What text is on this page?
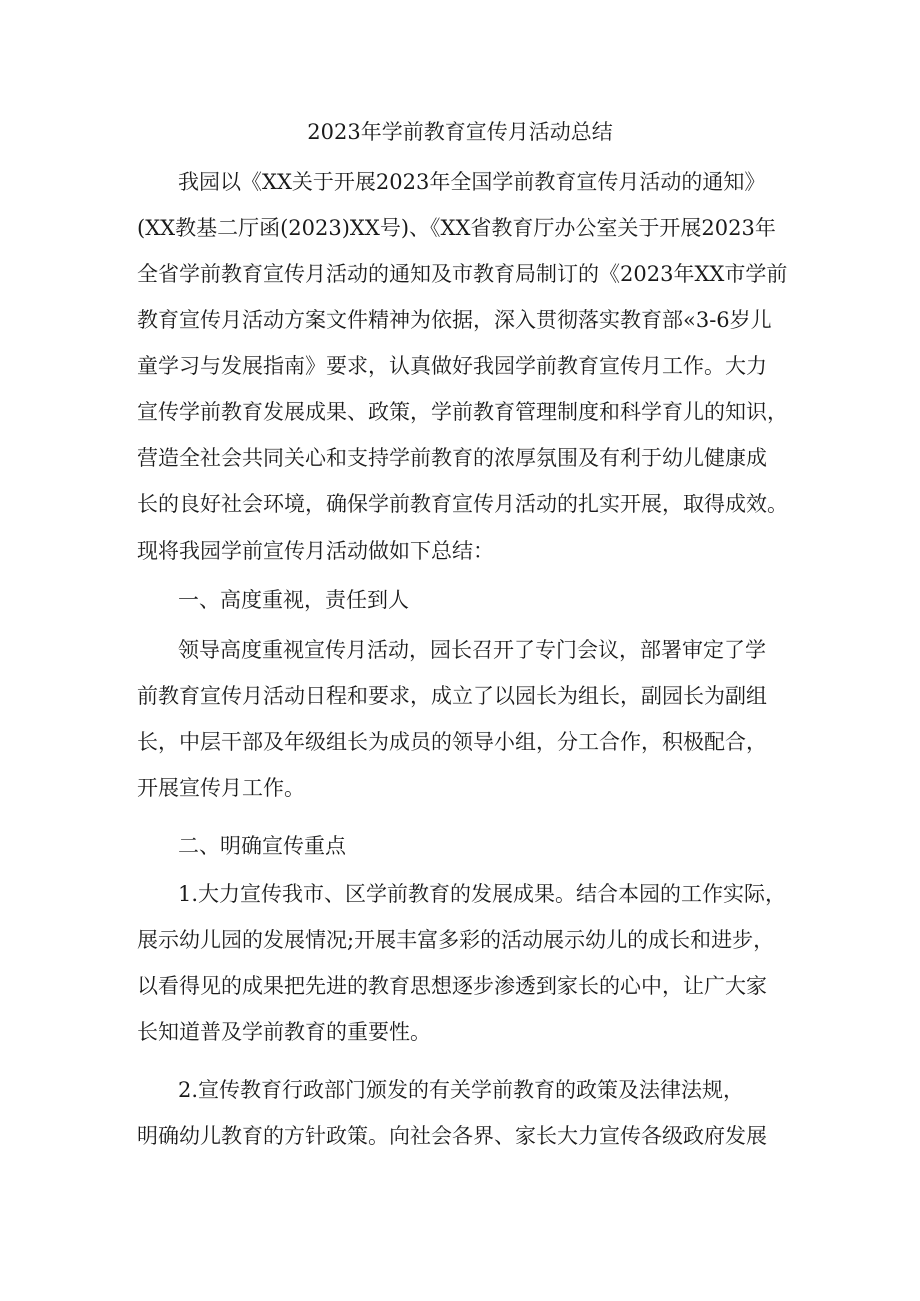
2023年学前教育宣传月活动总结
我园以《XX关于开展2023年全国学前教育宣传月活动的通知》
(XX教基二厅函(2023)XX号)、《XX省教育厅办公室关于开展2023年
全省学前教育宣传月活动的通知及市教育局制订的《2023年XX市学前
教育宣传月活动方案文件精神为依据，深入贯彻落实教育部«3-6岁儿
童学习与发展指南》要求，认真做好我园学前教育宣传月工作。大力
宣传学前教育发展成果、政策，学前教育管理制度和科学育儿的知识，
营造全社会共同关心和支持学前教育的浓厚氛围及有利于幼儿健康成
长的良好社会环境，确保学前教育宣传月活动的扎实开展，取得成效。
现将我园学前宣传月活动做如下总结：
一、高度重视，责任到人
领导高度重视宣传月活动，园长召开了专门会议，部署审定了学
前教育宣传月活动日程和要求，成立了以园长为组长，副园长为副组
长，中层干部及年级组长为成员的领导小组，分工合作，积极配合，
开展宣传月工作。
二、明确宣传重点
1.大力宣传我市、区学前教育的发展成果。结合本园的工作实际，
展示幼儿园的发展情况;开展丰富多彩的活动展示幼儿的成长和进步，
以看得见的成果把先进的教育思想逐步渗透到家长的心中，让广大家
长知道普及学前教育的重要性。
2.宣传教育行政部门颁发的有关学前教育的政策及法律法规，
明确幼儿教育的方针政策。向社会各界、家长大力宣传各级政府发展
